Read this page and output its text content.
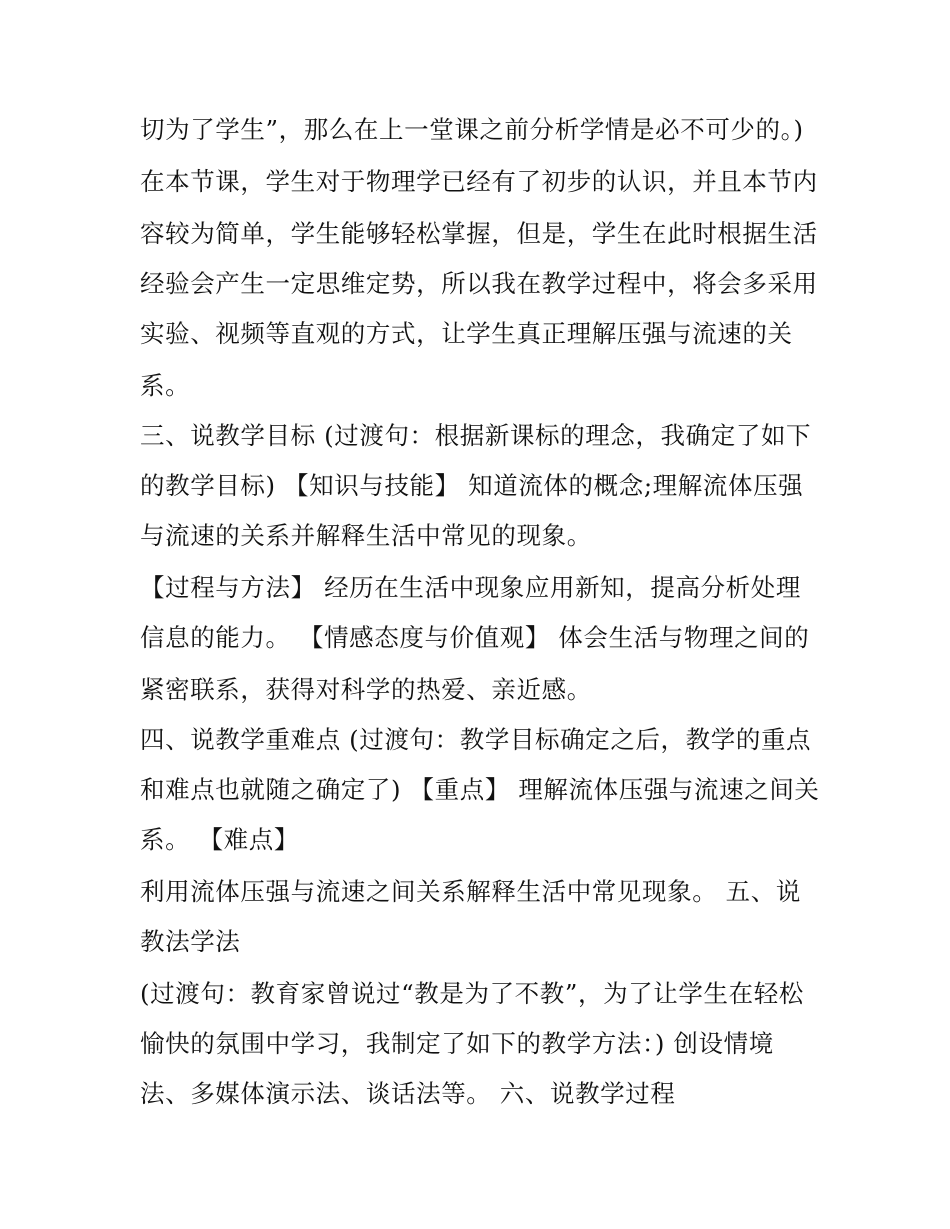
切为了学生”，那么在上一堂课之前分析学情是必不可少的。)
在本节课，学生对于物理学已经有了初步的认识，并且本节内
容较为简单，学生能够轻松掌握，但是，学生在此时根据生活
经验会产生一定思维定势，所以我在教学过程中，将会多采用
实验、视频等直观的方式，让学生真正理解压强与流速的关
系。
三、说教学目标 (过渡句：根据新课标的理念，我确定了如下
的教学目标) 【知识与技能】 知道流体的概念;理解流体压强
与流速的关系并解释生活中常见的现象。
【过程与方法】 经历在生活中现象应用新知，提高分析处理
信息的能力。 【情感态度与价值观】 体会生活与物理之间的
紧密联系，获得对科学的热爱、亲近感。
四、说教学重难点 (过渡句：教学目标确定之后，教学的重点
和难点也就随之确定了) 【重点】 理解流体压强与流速之间关
系。 【难点】
利用流体压强与流速之间关系解释生活中常见现象。 五、说
教法学法
(过渡句：教育家曾说过“教是为了不教”，为了让学生在轻松
愉快的氛围中学习，我制定了如下的教学方法：) 创设情境
法、多媒体演示法、谈话法等。 六、说教学过程
